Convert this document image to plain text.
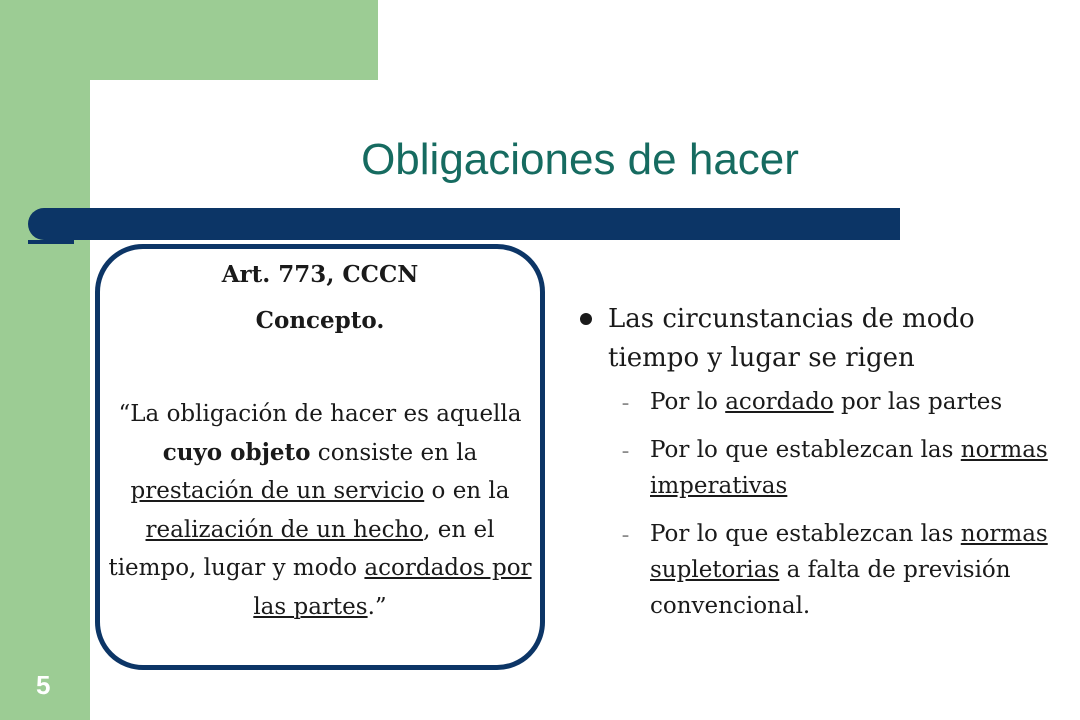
Obligaciones de hacer

Art. 773, CCCN

Concepto.

“La obligación de hacer es aquella cuyo objeto consiste en la prestación de un servicio o en la realización de un hecho, en el tiempo, lugar y modo acordados por las partes.”

Las circunstancias de modo tiempo y lugar se rigen

– Por lo acordado por las partes

– Por lo que establezcan las normas imperativas

– Por lo que establezcan las normas supletorias a falta de previsión convencional.

5
